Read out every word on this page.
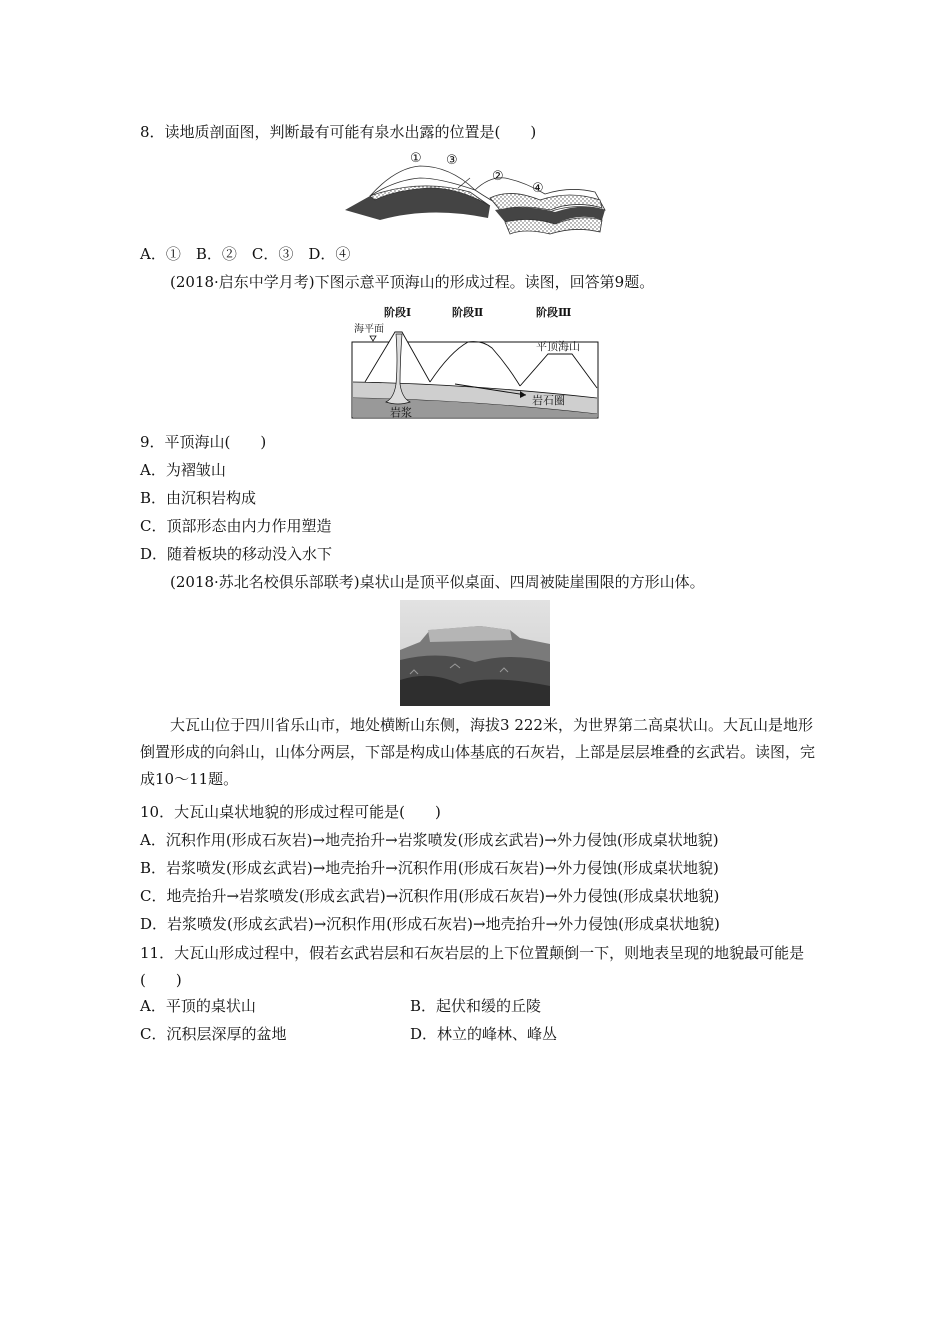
8．读地质剖面图，判断最有可能有泉水出露的位置是(　　)
① ③
②
④
A．①　B．②　C．③　D．④
(2018·启东中学月考)下图示意平顶海山的形成过程。读图，回答第9题。
阶段Ⅰ	阶段Ⅱ	阶段Ⅲ
海平面
平顶海山
岩石圈
岩浆
9．平顶海山(　　)
A．为褶皱山
B．由沉积岩构成
C．顶部形态由内力作用塑造
D．随着板块的移动没入水下
(2018·苏北名校俱乐部联考)桌状山是顶平似桌面、四周被陡崖围限的方形山体。
大瓦山位于四川省乐山市，地处横断山东侧，海拔3 222米，为世界第二高桌状山。大瓦山是地形倒置形成的向斜山，山体分两层，下部是构成山体基底的石灰岩，上部是层层堆叠的玄武岩。读图，完成10～11题。
10．大瓦山桌状地貌的形成过程可能是(　　)
A．沉积作用(形成石灰岩)→地壳抬升→岩浆喷发(形成玄武岩)→外力侵蚀(形成桌状地貌)
B．岩浆喷发(形成玄武岩)→地壳抬升→沉积作用(形成石灰岩)→外力侵蚀(形成桌状地貌)
C．地壳抬升→岩浆喷发(形成玄武岩)→沉积作用(形成石灰岩)→外力侵蚀(形成桌状地貌)
D．岩浆喷发(形成玄武岩)→沉积作用(形成石灰岩)→地壳抬升→外力侵蚀(形成桌状地貌)
11．大瓦山形成过程中，假若玄武岩层和石灰岩层的上下位置颠倒一下，则地表呈现的地貌最可能是(　　)
A．平顶的桌状山	B．起伏和缓的丘陵
C．沉积层深厚的盆地	D．林立的峰林、峰丛
